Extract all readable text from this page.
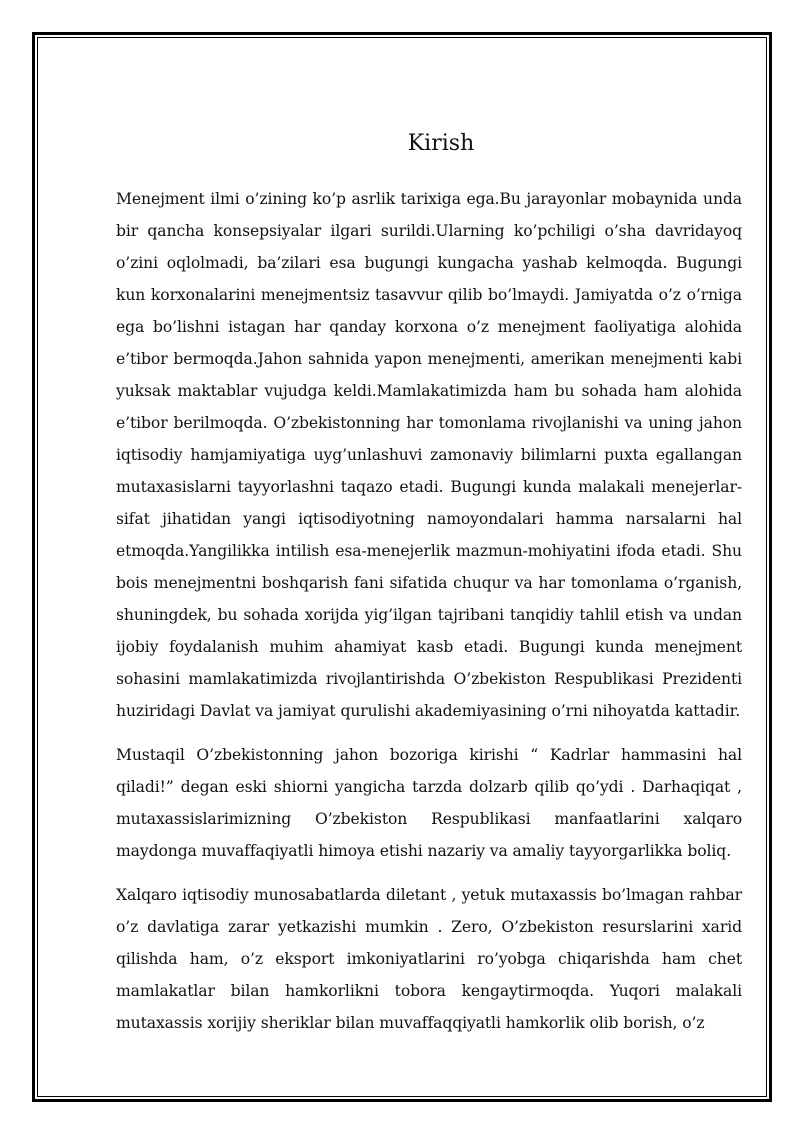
Kirish

Menejment ilmi o’zining ko’p asrlik tarixiga ega.Bu jarayonlar mobaynida unda bir qancha konsepsiyalar ilgari surildi.Ularning ko’pchiligi o’sha davridayoq o’zini oqlolmadi, ba’zilari esa bugungi kungacha yashab kelmoqda. Bugungi kun korxonalarini menejmentsiz tasavvur qilib bo’lmaydi. Jamiyatda o’z o’rniga ega bo’lishni istagan har qanday korxona o’z menejment faoliyatiga alohida e’tibor bermoqda.Jahon sahnida yapon menejmenti, amerikan menejmenti kabi yuksak maktablar vujudga keldi.Mamlakatimizda ham bu sohada ham alohida e’tibor berilmoqda. O’zbekistonning har tomonlama rivojlanishi va uning jahon iqtisodiy hamjamiyatiga uyg’unlashuvi zamonaviy bilimlarni puxta egallangan mutaxasislarni tayyorlashni taqazo etadi. Bugungi kunda malakali menejerlar-sifat jihatidan yangi iqtisodiyotning namoyondalari hamma narsalarni hal etmoqda.Yangilikka intilish esa-menejerlik mazmun-mohiyatini ifoda etadi. Shu bois menejmentni boshqarish fani sifatida chuqur va har tomonlama o’rganish, shuningdek, bu sohada xorijda yig’ilgan tajribani tanqidiy tahlil etish va undan ijobiy foydalanish muhim ahamiyat kasb etadi. Bugungi kunda menejment sohasini mamlakatimizda rivojlantirishda O’zbekiston Respublikasi Prezidenti huziridagi Davlat va jamiyat qurulishi akademiyasining o’rni nihoyatda kattadir.

Mustaqil O’zbekistonning jahon bozoriga kirishi “ Kadrlar hammasini hal qiladi!” degan eski shiorni yangicha tarzda dolzarb qilib qo’ydi . Darhaqiqat , mutaxassislarimizning O’zbekiston Respublikasi manfaatlarini xalqaro maydonga muvaffaqiyatli himoya etishi nazariy va amaliy tayyorgarlikka boliq.

Xalqaro iqtisodiy munosabatlarda diletant , yetuk mutaxassis bo’lmagan rahbar o’z davlatiga zarar yetkazishi mumkin . Zero, O’zbekiston resurslarini xarid qilishda ham, o’z eksport imkoniyatlarini ro’yobga chiqarishda ham chet mamlakatlar bilan hamkorlikni tobora kengaytirmoqda. Yuqori malakali mutaxassis xorijiy sheriklar bilan muvaffaqqiyatli hamkorlik olib borish, o’z
